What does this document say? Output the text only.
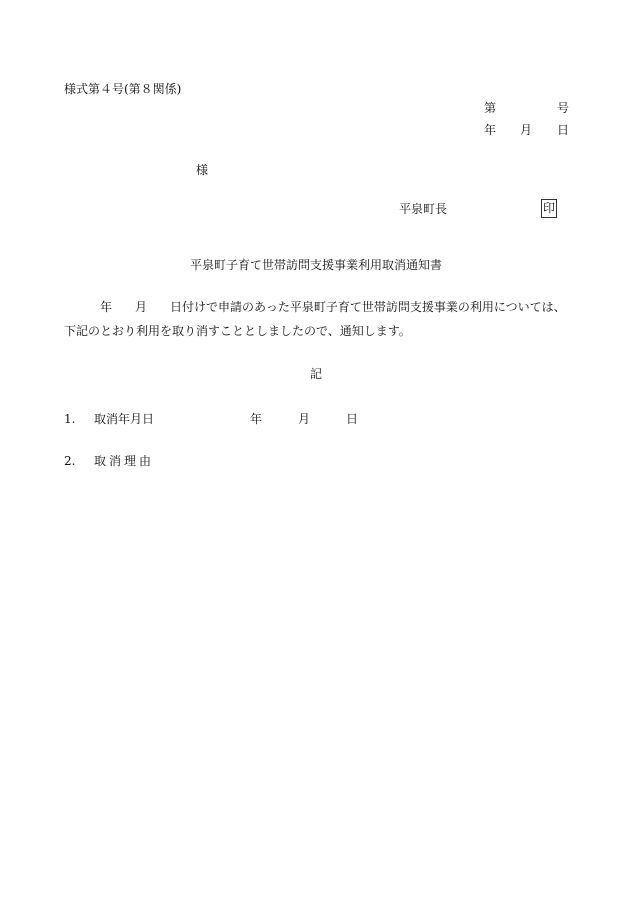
様式第４号(第８関係)
第	号
年 月 日
様
平泉町長	印
平泉町子育て世帯訪問支援事業利用取消通知書
年 月 日付けで申請のあった平泉町子育て世帯訪問支援事業の利用については、
下記のとおり利用を取り消すこととしましたので、通知します。
記
1. 取消年月日	年	月	日
2. 取消理由
